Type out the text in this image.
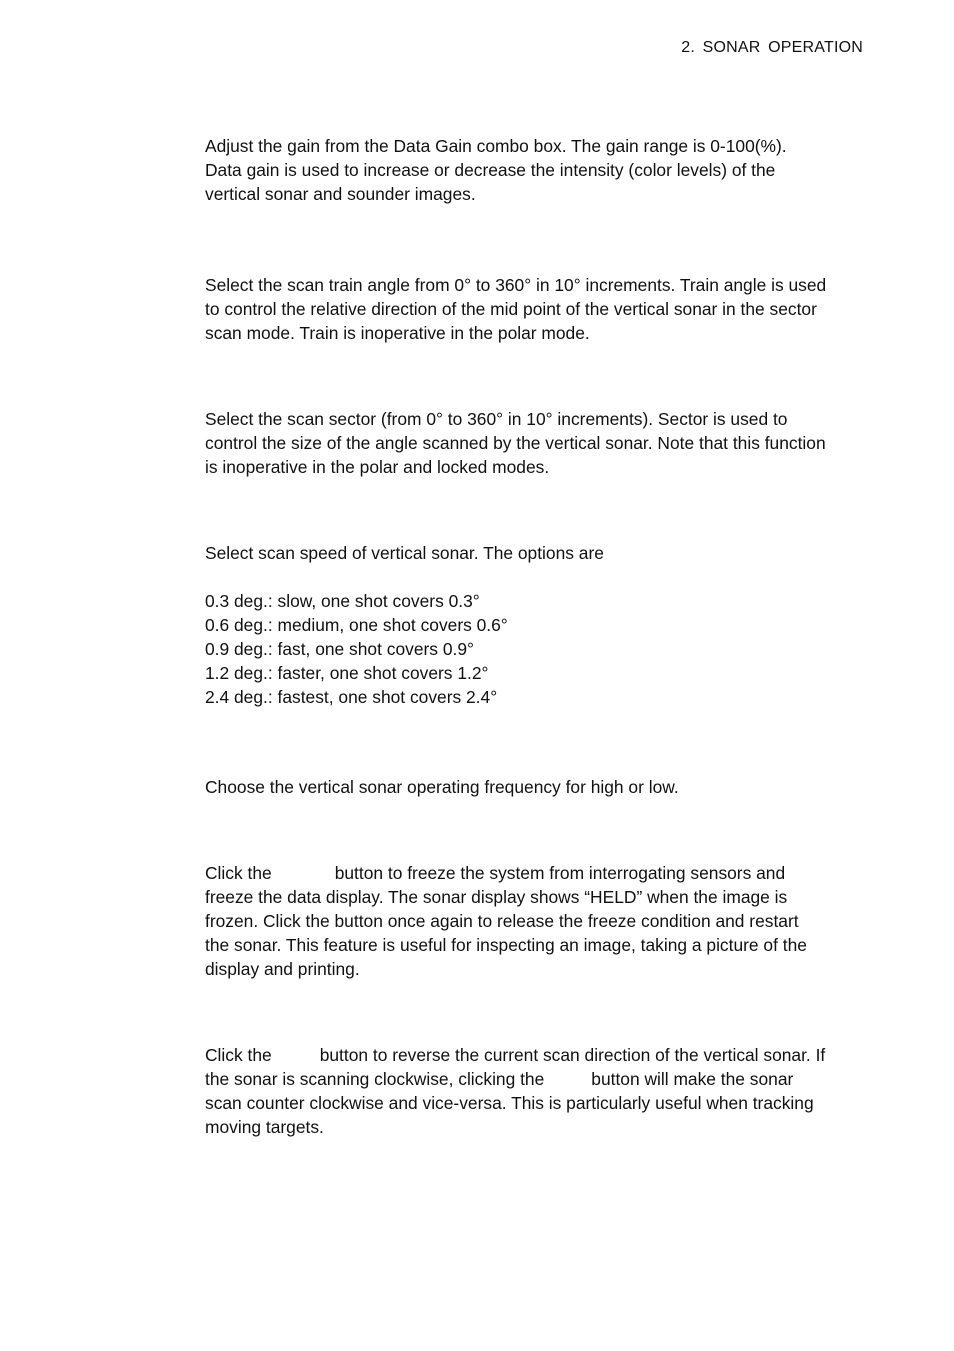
2. SONAR OPERATION
Adjust the gain from the Data Gain combo box. The gain range is 0-100(%).
Data gain is used to increase or decrease the intensity (color levels) of the
vertical sonar and sounder images.
Select the scan train angle from 0° to 360° in 10° increments. Train angle is used
to control the relative direction of the mid point of the vertical sonar in the sector
scan mode. Train is inoperative in the polar mode.
Select the scan sector (from 0° to 360° in 10° increments). Sector is used to
control the size of the angle scanned by the vertical sonar. Note that this function
is inoperative in the polar and locked modes.
Select scan speed of vertical sonar. The options are
0.3 deg.: slow, one shot covers 0.3°
0.6 deg.: medium, one shot covers 0.6°
0.9 deg.: fast, one shot covers 0.9°
1.2 deg.: faster, one shot covers 1.2°
2.4 deg.: fastest, one shot covers 2.4°
Choose the vertical sonar operating frequency for high or low.
Click the	button to freeze the system from interrogating sensors and
freeze the data display. The sonar display shows “HELD” when the image is
frozen. Click the button once again to release the freeze condition and restart
the sonar. This feature is useful for inspecting an image, taking a picture of the
display and printing.
Click the	button to reverse the current scan direction of the vertical sonar. If
the sonar is scanning clockwise, clicking the	button will make the sonar
scan counter clockwise and vice-versa. This is particularly useful when tracking
moving targets.
